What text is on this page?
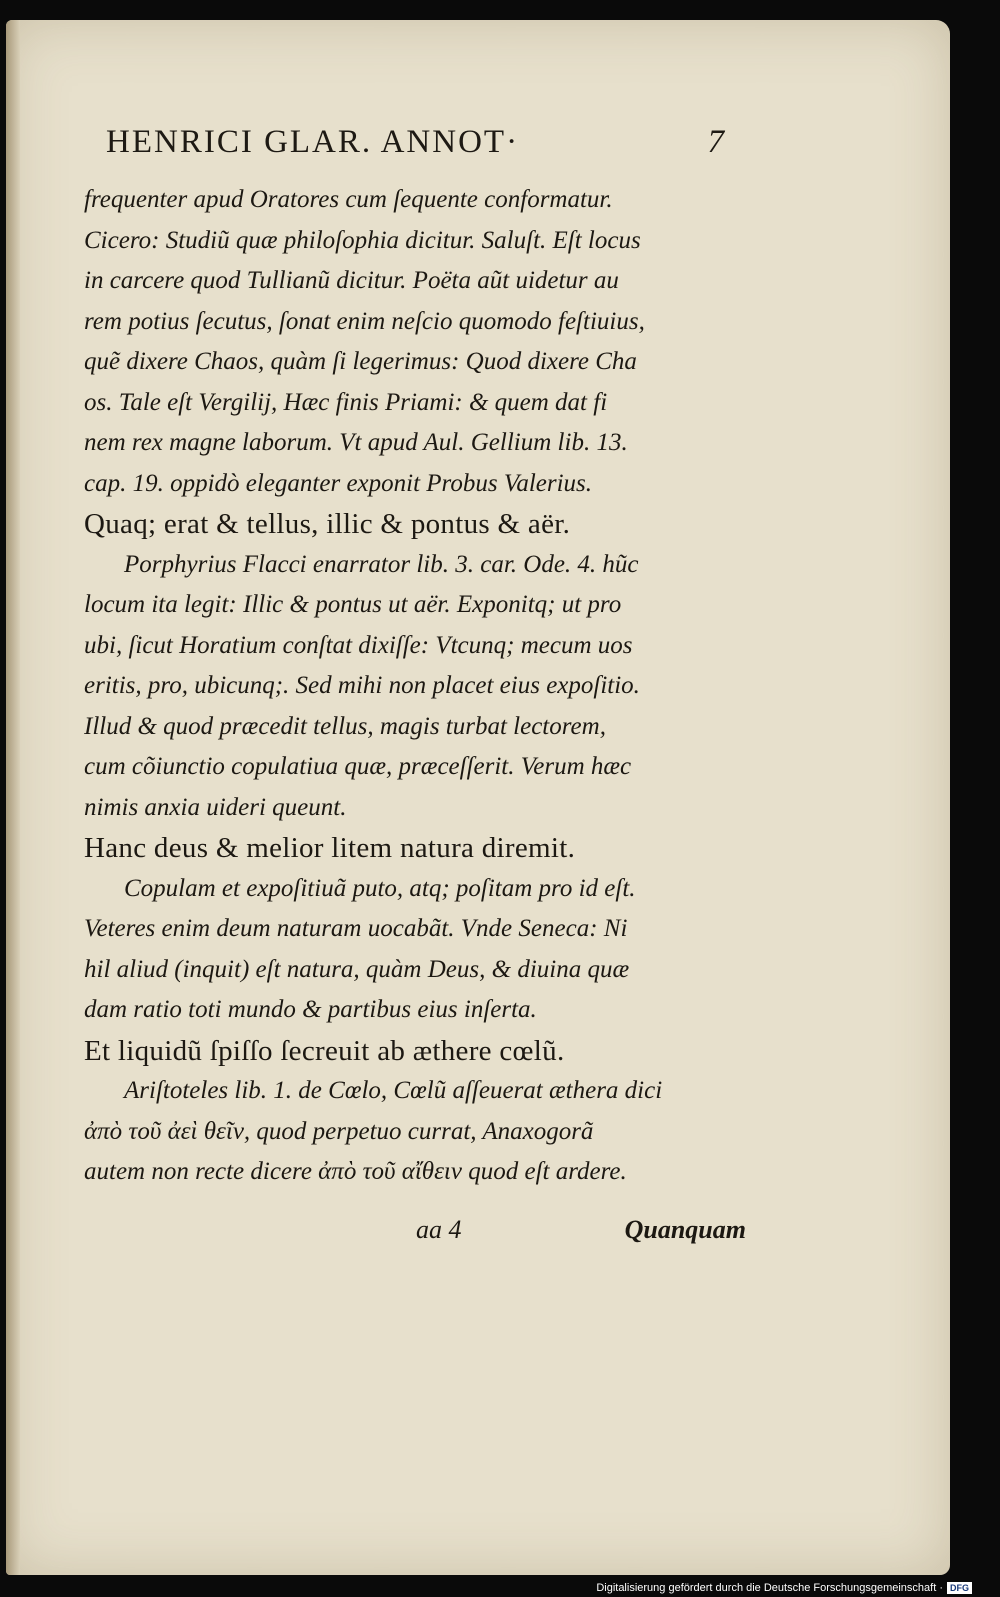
HENRICI GLAR. ANNOT·	7
frequenter apud Oratores cum ſequente conformatur.
Cicero: Studiũ quæ philoſophia dicitur. Saluſt. Eſt locus
in carcere quod Tullianũ dicitur. Poëta aũt uidetur au
rem potius ſecutus, ſonat enim neſcio quomodo feſtiuius,
quẽ dixere Chaos, quàm ſi legerimus: Quod dixere Cha
os. Tale eſt Vergilij, Hæc finis Priami: & quem dat fi
nem rex magne laborum. Vt apud Aul. Gellium lib. 13.
cap. 19. oppidò eleganter exponit Probus Valerius.
Quaq; erat & tellus, illic & pontus & aër.
Porphyrius Flacci enarrator lib. 3. car. Ode. 4. hũc
locum ita legit: Illic & pontus ut aër. Exponitq; ut pro
ubi, ſicut Horatium conſtat dixiſſe: Vtcunq; mecum uos
eritis, pro, ubicunq;. Sed mihi non placet eius expoſitio.
Illud & quod præcedit tellus, magis turbat lectorem,
cum cõiunctio copulatiua quæ, præceſſerit. Verum hæc
nimis anxia uideri queunt.
Hanc deus & melior litem natura diremit.
Copulam et expoſitiuã puto, atq; poſitam pro id eſt.
Veteres enim deum naturam uocabãt. Vnde Seneca: Ni
hil aliud (inquit) eſt natura, quàm Deus, & diuina quæ
dam ratio toti mundo & partibus eius inſerta.
Et liquidũ ſpiſſo ſecreuit ab æthere cœlũ.
Ariſtoteles lib. 1. de Cœlo, Cœlũ aſſeuerat æthera dici
ἀπὸ τοῦ ἀεὶ θεῖν, quod perpetuo currat, Anaxogorã
autem non recte dicere ἀπὸ τοῦ αἴθειν quod eſt ardere.
aa 4	Quanquam
Digitalisierung gefördert durch die Deutsche Forschungsgemeinschaft · DFG
